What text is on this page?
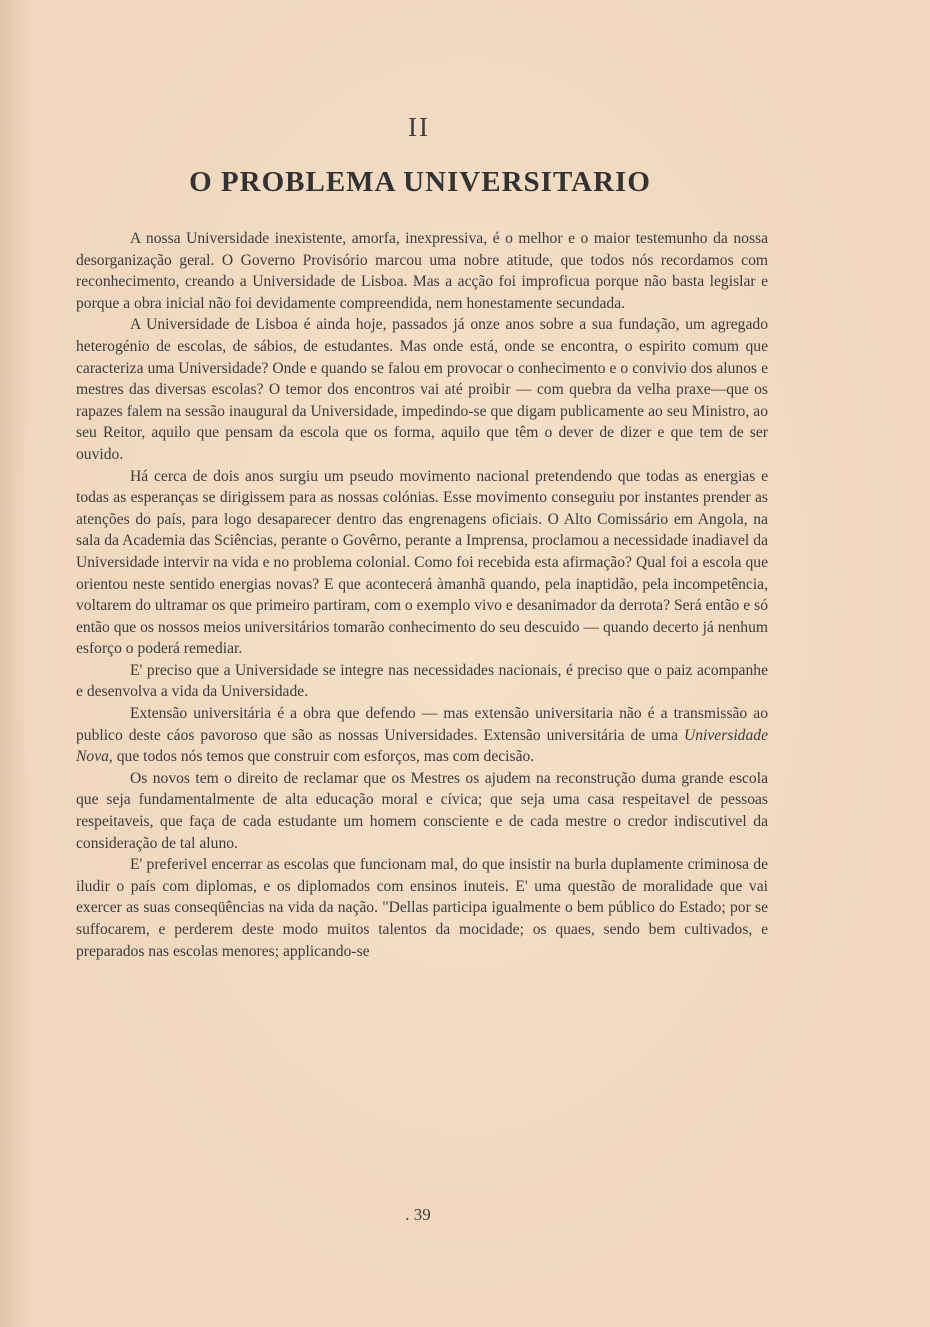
II
O PROBLEMA UNIVERSITARIO

A nossa Universidade inexistente, amorfa, inexpressiva, é o melhor e o maior testemunho da nossa desorganização geral. O Governo Provisório marcou uma nobre atitude, que todos nós recordamos com reconhecimento, creando a Universidade de Lisboa. Mas a acção foi improficua porque não basta legislar e porque a obra inicial não foi devidamente compreendida, nem honestamente secundada.

A Universidade de Lisboa é ainda hoje, passados já onze anos sobre a sua fundação, um agregado heterogénio de escolas, de sábios, de estudantes. Mas onde está, onde se encontra, o espirito comum que caracteriza uma Universidade? Onde e quando se falou em provocar o conhecimento e o convivio dos alunos e mestres das diversas escolas? O temor dos encontros vai até proibir — com quebra da velha praxe—que os rapazes falem na sessão inaugural da Universidade, impedindo-se que digam publicamente ao seu Ministro, ao seu Reitor, aquilo que pensam da escola que os forma, aquilo que têm o dever de dizer e que tem de ser ouvido.

Há cerca de dois anos surgiu um pseudo movimento nacional pretendendo que todas as energias e todas as esperanças se dirigissem para as nossas colónias. Esse movimento conseguiu por instantes prender as atenções do país, para logo desaparecer dentro das engrenagens oficiais. O Alto Comissário em Angola, na sala da Academia das Sciências, perante o Govêrno, perante a Imprensa, proclamou a necessidade inadiavel da Universidade intervir na vida e no problema colonial. Como foi recebida esta afirmação? Qual foi a escola que orientou neste sentido energias novas? E que acontecerá àmanhã quando, pela inaptidão, pela incompetência, voltarem do ultramar os que primeiro partiram, com o exemplo vivo e desanimador da derrota? Será então e só então que os nossos meios universitários tomarão conhecimento do seu descuido — quando decerto já nenhum esforço o poderá remediar.

E' preciso que a Universidade se integre nas necessidades nacionais, é preciso que o paiz acompanhe e desenvolva a vida da Universidade.

Extensão universitária é a obra que defendo — mas extensão universitaria não é a transmissão ao publico deste cáos pavoroso que são as nossas Universidades. Extensão universitária de uma Universidade Nova, que todos nós temos que construir com esforços, mas com decisão.

Os novos tem o direito de reclamar que os Mestres os ajudem na reconstrução duma grande escola que seja fundamentalmente de alta educação moral e cívica; que seja uma casa respeitavel de pessoas respeitaveis, que faça de cada estudante um homem consciente e de cada mestre o credor indiscutivel da consideração de tal aluno.

E' preferivel encerrar as escolas que funcionam mal, do que insistir na burla duplamente criminosa de iludir o país com diplomas, e os diplomados com ensinos inuteis. E' uma questão de moralidade que vai exercer as suas conseqüências na vida da nação. "Dellas participa igualmente o bem público do Estado; por se suffocarem, e perderem deste modo muitos talentos da mocidade; os quaes, sendo bem cultivados, e preparados nas escolas menores; applicando-se

. 39
